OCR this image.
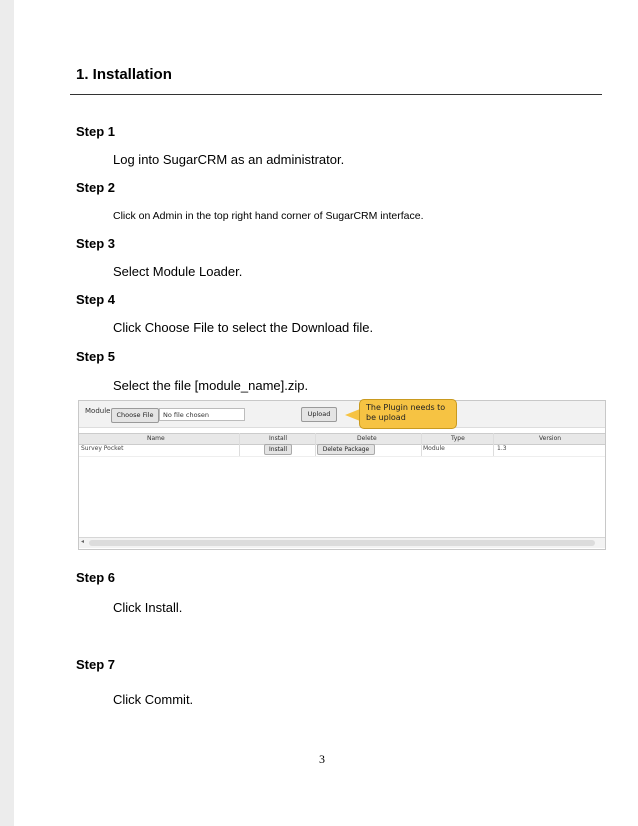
1. Installation
Step 1
Log into SugarCRM as an administrator.
Step 2
Click on Admin in the top right hand corner of SugarCRM interface.
Step 3
Select Module Loader.
Step 4
Click Choose File to select the Download file.
Step 5
Select the file [module_name].zip.
Module Choose File	No file chosen	Upload
The Plugin needs to be upload
Name	Install	Delete	Type	Version
Survey Pocket	Install	Delete Package	Module	1.3
◂
Step 6
Click Install.
Step 7
Click Commit.
3
